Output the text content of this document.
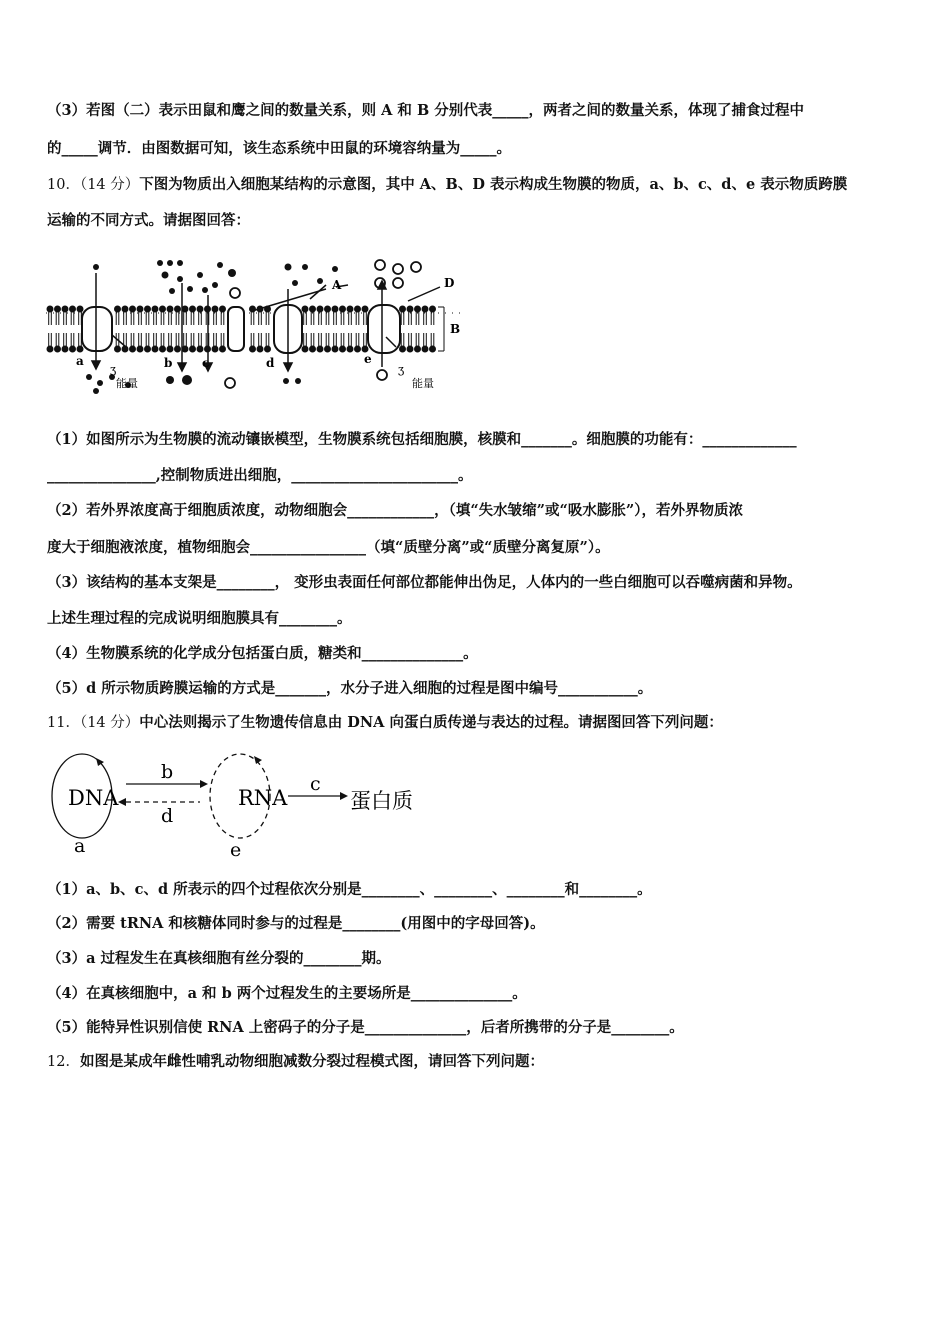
（3）若图（二）表示田鼠和鹰之间的数量关系，则 A 和 B 分别代表_____，两者之间的数量关系，体现了捕食过程中
的_____调节．由图数据可知，该生态系统中田鼠的环境容纳量为_____。
10．（14 分）下图为物质出入细胞某结构的示意图，其中 A、B、D 表示构成生物膜的物质，a、b、c、d、e 表示物质跨膜
运输的不同方式。请据图回答：
A
B
D
a	b c	d	e
能量	能量
ʒ	ʒ
（1）如图所示为生物膜的流动镶嵌模型，生物膜系统包括细胞膜，核膜和_______。细胞膜的功能有：_____________
_______________,控制物质进出细胞，_______________________。
（2）若外界浓度高于细胞质浓度，动物细胞会____________，（填“失水皱缩”或“吸水膨胀”），若外界物质浓
度大于细胞液浓度，植物细胞会________________（填“质壁分离”或“质壁分离复原”）。
（3）该结构的基本支架是________， 变形虫表面任何部位都能伸出伪足，人体内的一些白细胞可以吞噬病菌和异物。
上述生理过程的完成说明细胞膜具有________。
（4）生物膜系统的化学成分包括蛋白质，糖类和______________。
（5）d 所示物质跨膜运输的方式是_______，水分子进入细胞的过程是图中编号___________。
11．（14 分）中心法则揭示了生物遗传信息由 DNA 向蛋白质传递与表达的过程。请据图回答下列问题：
DNA	RNA	蛋白质
b
d
c
a	e
（1）a、b、c、d 所表示的四个过程依次分别是________、________、________和________。
（2）需要 tRNA 和核糖体同时参与的过程是________(用图中的字母回答)。
（3）a 过程发生在真核细胞有丝分裂的________期。
（4）在真核细胞中，a 和 b 两个过程发生的主要场所是______________。
（5）能特异性识别信使 RNA 上密码子的分子是______________，后者所携带的分子是________。
12．如图是某成年雌性哺乳动物细胞减数分裂过程模式图，请回答下列问题：
